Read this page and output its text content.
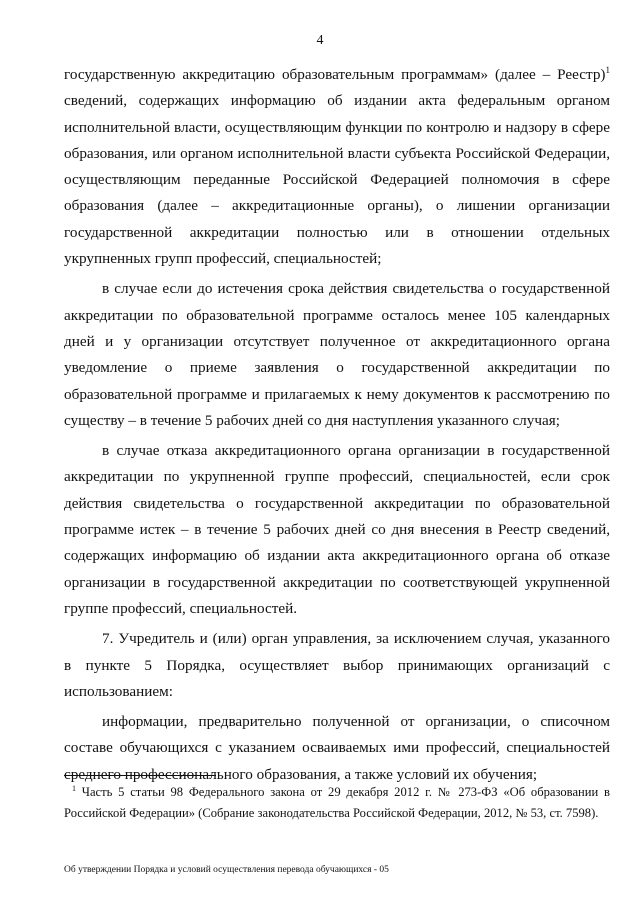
4

государственную аккредитацию образовательным программам» (далее – Реестр)$^1$ сведений, содержащих информацию об издании акта федеральным органом исполнительной власти, осуществляющим функции по контролю и надзору в сфере образования, или органом исполнительной власти субъекта Российской Федерации, осуществляющим переданные Российской Федерацией полномочия в сфере образования (далее – аккредитационные органы), о лишении организации государственной аккредитации полностью или в отношении отдельных укрупненных групп профессий, специальностей;

в случае если до истечения срока действия свидетельства о государственной аккредитации по образовательной программе осталось менее 105 календарных дней и у организации отсутствует полученное от аккредитационного органа уведомление о приеме заявления о государственной аккредитации по образовательной программе и прилагаемых к нему документов к рассмотрению по существу – в течение 5 рабочих дней со дня наступления указанного случая;

в случае отказа аккредитационного органа организации в государственной аккредитации по укрупненной группе профессий, специальностей, если срок действия свидетельства о государственной аккредитации по образовательной программе истек – в течение 5 рабочих дней со дня внесения в Реестр сведений, содержащих информацию об издании акта аккредитационного органа об отказе организации в государственной аккредитации по соответствующей укрупненной группе профессий, специальностей.

7. Учредитель и (или) орган управления, за исключением случая, указанного в пункте 5 Порядка, осуществляет выбор принимающих организаций с использованием:

информации, предварительно полученной от организации, о списочном составе обучающихся с указанием осваиваемых ими профессий, специальностей среднего профессионального образования, а также условий их обучения;

$^1$ Часть 5 статьи 98 Федерального закона от 29 декабря 2012 г. № 273-ФЗ «Об образовании в Российской Федерации» (Собрание законодательства Российской Федерации, 2012, № 53, ст. 7598).
Об утверждении Порядка и условий осуществления перевода обучающихся - 05
